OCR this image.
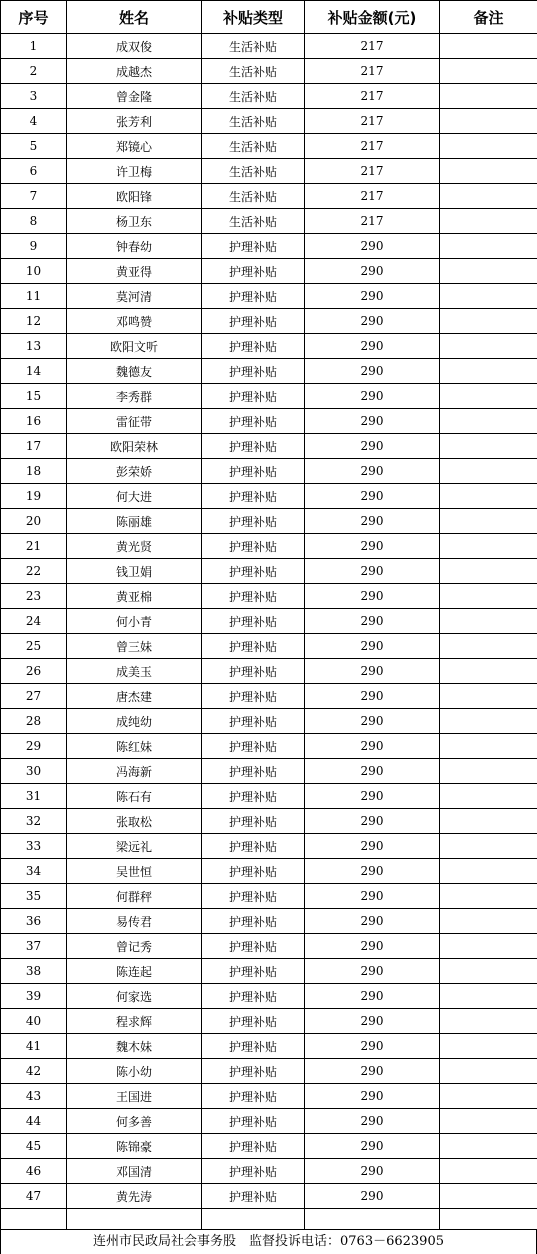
序号	姓名	补贴类型	补贴金额(元)	备注
1	成双俊	生活补贴	217	
2	成越杰	生活补贴	217	
3	曾金隆	生活补贴	217	
4	张芳利	生活补贴	217	
5	郑镜心	生活补贴	217	
6	许卫梅	生活补贴	217	
7	欧阳锋	生活补贴	217	
8	杨卫东	生活补贴	217	
9	钟春幼	护理补贴	290	
10	黄亚得	护理补贴	290	
11	莫河清	护理补贴	290	
12	邓鸣赞	护理补贴	290	
13	欧阳文听	护理补贴	290	
14	魏德友	护理补贴	290	
15	李秀群	护理补贴	290	
16	雷征带	护理补贴	290	
17	欧阳荣林	护理补贴	290	
18	彭荣娇	护理补贴	290	
19	何大进	护理补贴	290	
20	陈丽雄	护理补贴	290	
21	黄光贤	护理补贴	290	
22	钱卫娟	护理补贴	290	
23	黄亚棉	护理补贴	290	
24	何小青	护理补贴	290	
25	曾三妹	护理补贴	290	
26	成美玉	护理补贴	290	
27	唐杰建	护理补贴	290	
28	成纯幼	护理补贴	290	
29	陈红妹	护理补贴	290	
30	冯海新	护理补贴	290	
31	陈石有	护理补贴	290	
32	张取松	护理补贴	290	
33	梁远礼	护理补贴	290	
34	吴世恒	护理补贴	290	
35	何群秤	护理补贴	290	
36	易传君	护理补贴	290	
37	曾记秀	护理补贴	290	
38	陈连起	护理补贴	290	
39	何家选	护理补贴	290	
40	程求辉	护理补贴	290	
41	魏木妹	护理补贴	290	
42	陈小幼	护理补贴	290	
43	王国进	护理补贴	290	
44	何多善	护理补贴	290	
45	陈锦豪	护理补贴	290	
46	邓国清	护理补贴	290	
47	黄先涛	护理补贴	290	

连州市民政局社会事务股　监督投诉电话：0763－6623905
